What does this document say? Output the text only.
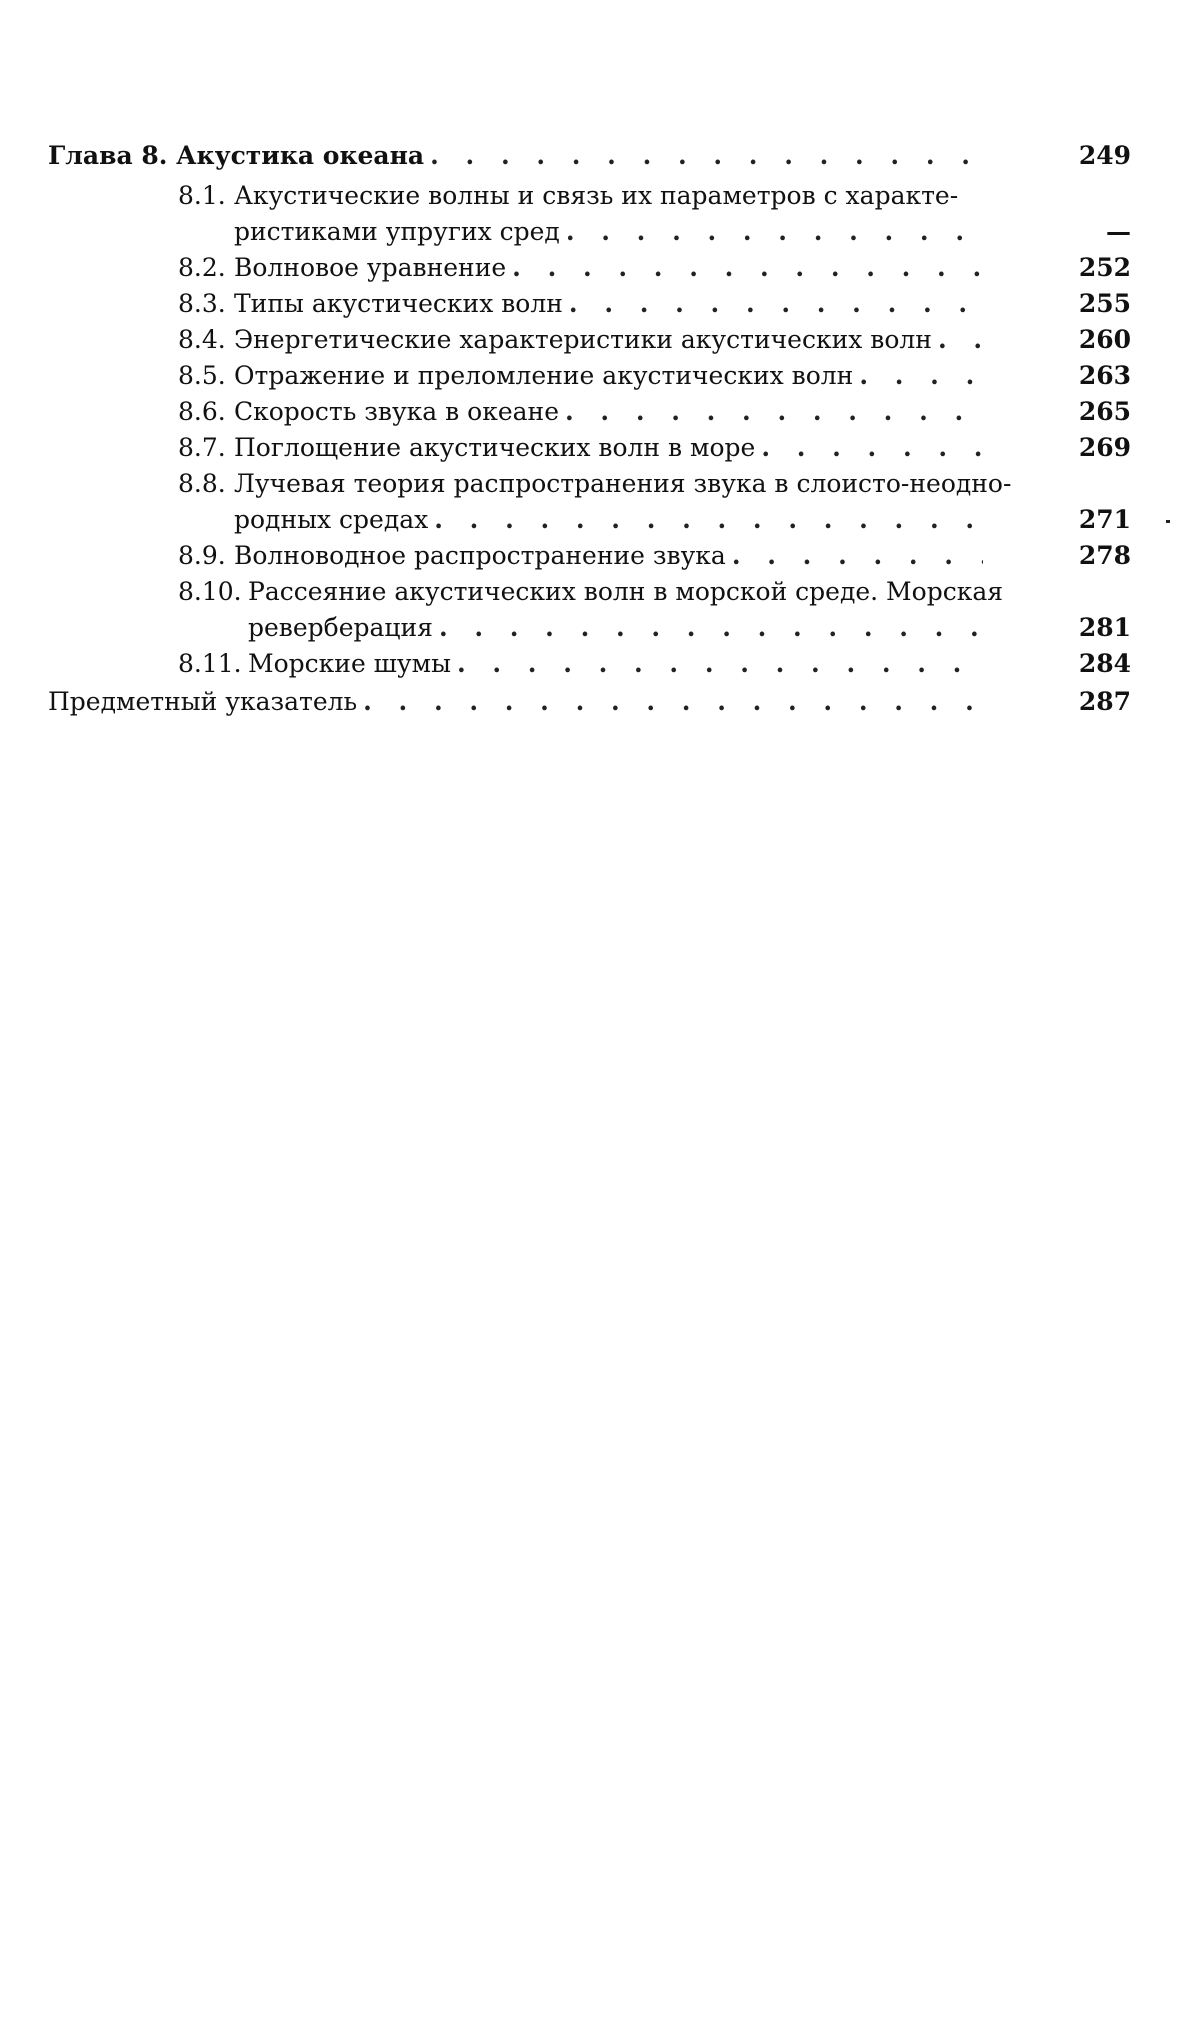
Глава 8. Акустика океана . . .	249
8.1. Акустические волны и связь их параметров с характе-
ристиками упругих сред . . .	—
8.2. Волновое уравнение . . .	252
8.3. Типы акустических волн . . .	255
8.4. Энергетические характеристики акустических волн . . .	260
8.5. Отражение и преломление акустических волн . . .	263
8.6. Скорость звука в океане . . .	265
8.7. Поглощение акустических волн в море . . .	269
8.8. Лучевая теория распространения звука в слоисто-неодно-
родных средах . . .	271
8.9. Волноводное распространение звука . . .	278
8.10. Рассеяние акустических волн в морской среде. Морская
реверберация . . .	281
8.11. Морские шумы . . .	284
Предметный указатель . . .	287
